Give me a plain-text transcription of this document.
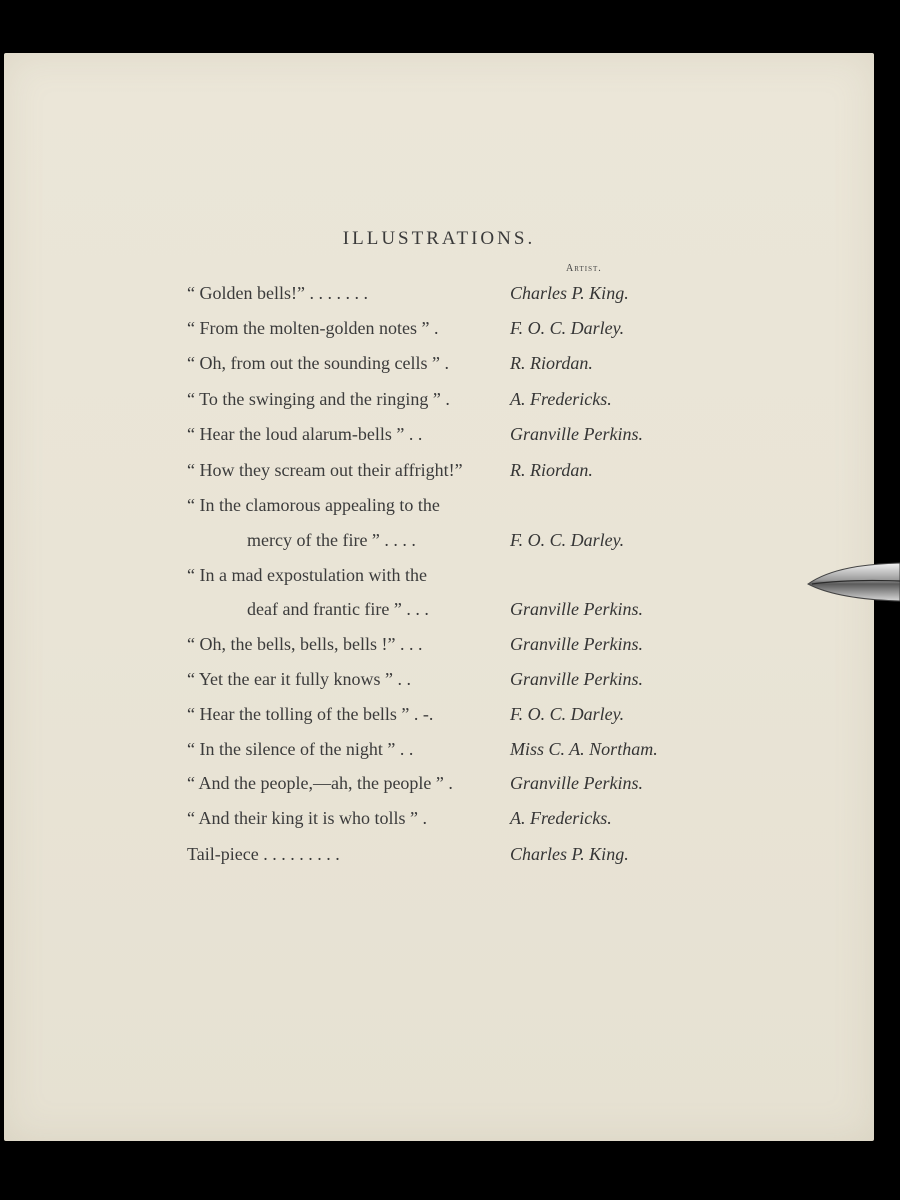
ILLUSTRATIONS.
Artist.
“ Golden bells!” . . . . . . .	Charles P. King.
“ From the molten-golden notes ” .	F. O. C. Darley.
“ Oh, from out the sounding cells ” .	R. Riordan.
“ To the swinging and the ringing ” .	A. Fredericks.
“ Hear the loud alarum-bells ” . .	Granville Perkins.
“ How they scream out their affright!”	R. Riordan.
“ In the clamorous appealing to the
mercy of the fire ” . . . .	F. O. C. Darley.
“ In a mad expostulation with the
deaf and frantic fire ” . . .	Granville Perkins.
“ Oh, the bells, bells, bells !” . . .	Granville Perkins.
“ Yet the ear it fully knows ” . .	Granville Perkins.
“ Hear the tolling of the bells ” . -.	F. O. C. Darley.
“ In the silence of the night ” . .	Miss C. A. Northam.
“ And the people,—ah, the people ” .	Granville Perkins.
“ And their king it is who tolls ” .	A. Fredericks.
Tail-piece . . . . . . . . .	Charles P. King.
